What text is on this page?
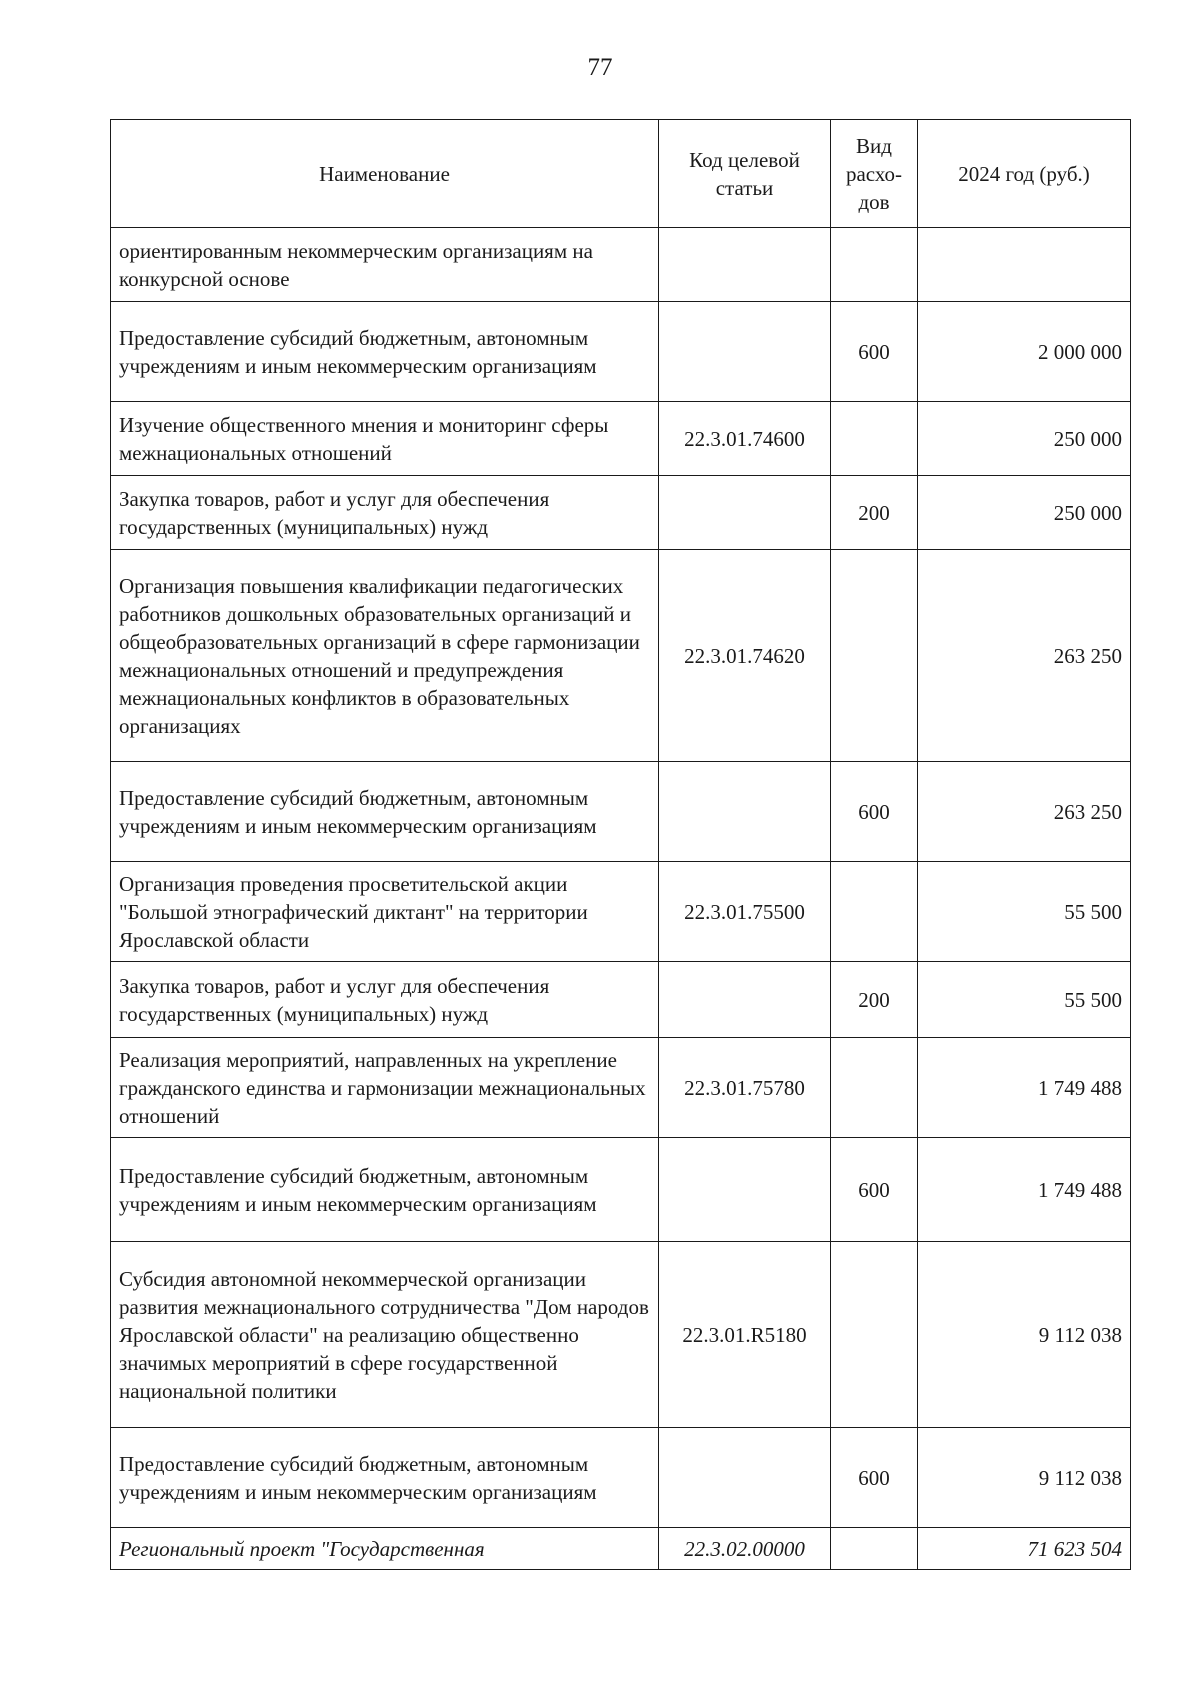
77
Наименование	Код целевой статьи	Вид расхо-дов	2024 год (руб.)
ориентированным некоммерческим организациям на конкурсной основе			
Предоставление субсидий бюджетным, автономным учреждениям и иным некоммерческим организациям		600	2 000 000
Изучение общественного мнения и мониторинг сферы межнациональных отношений	22.3.01.74600		250 000
Закупка товаров, работ и услуг для обеспечения государственных (муниципальных) нужд		200	250 000
Организация повышения квалификации педагогических работников дошкольных образовательных организаций и общеобразовательных организаций в сфере гармонизации межнациональных отношений и предупреждения межнациональных конфликтов в образовательных организациях	22.3.01.74620		263 250
Предоставление субсидий бюджетным, автономным учреждениям и иным некоммерческим организациям		600	263 250
Организация проведения просветительской акции "Большой этнографический диктант" на территории Ярославской области	22.3.01.75500		55 500
Закупка товаров, работ и услуг для обеспечения государственных (муниципальных) нужд		200	55 500
Реализация мероприятий, направленных на укрепление гражданского единства и гармонизации межнациональных отношений	22.3.01.75780		1 749 488
Предоставление субсидий бюджетным, автономным учреждениям и иным некоммерческим организациям		600	1 749 488
Субсидия автономной некоммерческой организации развития межнационального сотрудничества "Дом народов Ярославской области" на реализацию общественно значимых мероприятий в сфере государственной национальной политики	22.3.01.R5180		9 112 038
Предоставление субсидий бюджетным, автономным учреждениям и иным некоммерческим организациям		600	9 112 038
Региональный проект "Государственная	22.3.02.00000		71 623 504
